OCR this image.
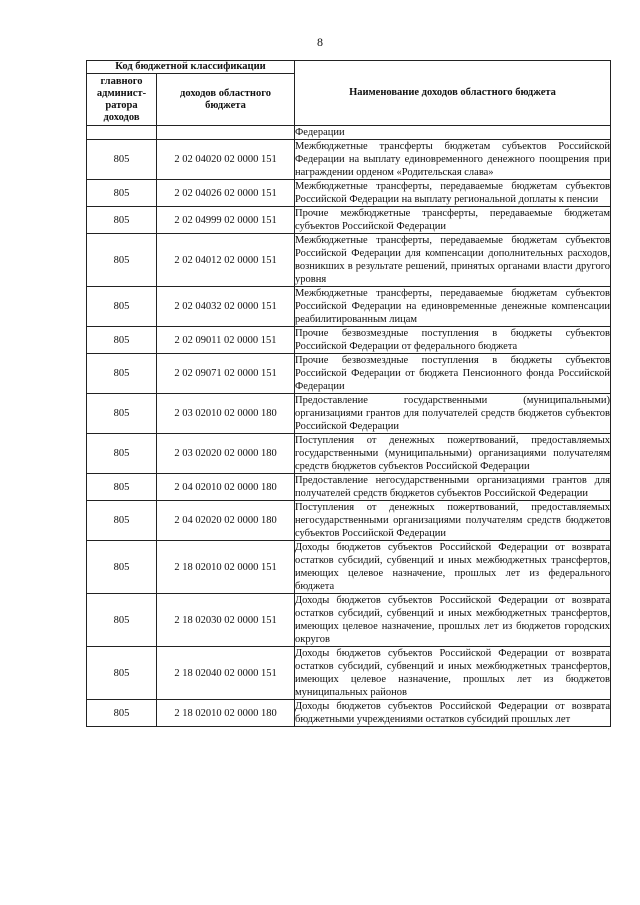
8
Код бюджетной классификации		Наименование доходов областного бюджета
главного админист-ратора доходов	доходов областного бюджета	
		Федерации
805	2 02 04020 02 0000 151	Межбюджетные трансферты бюджетам субъектов Российской Федерации на выплату единовременного денежного поощрения при награждении орденом «Родительская слава»
805	2 02 04026 02 0000 151	Межбюджетные трансферты, передаваемые бюджетам субъектов Российской Федерации на выплату региональной доплаты к пенсии
805	2 02 04999 02 0000 151	Прочие межбюджетные трансферты, передаваемые бюджетам субъектов Российской Федерации
805	2 02 04012 02 0000 151	Межбюджетные трансферты, передаваемые бюджетам субъектов Российской Федерации для компенсации дополнительных расходов, возникших в результате решений, принятых органами власти другого уровня
805	2 02 04032 02 0000 151	Межбюджетные трансферты, передаваемые бюджетам субъектов Российской Федерации на единовременные денежные компенсации реабилитированным лицам
805	2 02 09011 02 0000 151	Прочие безвозмездные поступления в бюджеты субъектов Российской Федерации от федерального бюджета
805	2 02 09071 02 0000 151	Прочие безвозмездные поступления в бюджеты субъектов Российской Федерации от бюджета Пенсионного фонда Российской Федерации
805	2 03 02010 02 0000 180	Предоставление государственными (муниципальными) организациями грантов для получателей средств бюджетов субъектов Российской Федерации
805	2 03 02020 02 0000 180	Поступления от денежных пожертвований, предоставляемых государственными (муниципальными) организациями получателям средств бюджетов субъектов Российской Федерации
805	2 04 02010 02 0000 180	Предоставление негосударственными организациями грантов для получателей средств бюджетов субъектов Российской Федерации
805	2 04 02020 02 0000 180	Поступления от денежных пожертвований, предоставляемых негосударственными организациями получателям средств бюджетов субъектов Российской Федерации
805	2 18 02010 02 0000 151	Доходы бюджетов субъектов Российской Федерации от возврата остатков субсидий, субвенций и иных межбюджетных трансфертов, имеющих целевое назначение, прошлых лет из федерального бюджета
805	2 18 02030 02 0000 151	Доходы бюджетов субъектов Российской Федерации от возврата остатков субсидий, субвенций и иных межбюджетных трансфертов, имеющих целевое назначение, прошлых лет из бюджетов городских округов
805	2 18 02040 02 0000 151	Доходы бюджетов субъектов Российской Федерации от возврата остатков субсидий, субвенций и иных межбюджетных трансфертов, имеющих целевое назначение, прошлых лет из бюджетов муниципальных районов
805	2 18 02010 02 0000 180	Доходы бюджетов субъектов Российской Федерации от возврата бюджетными учреждениями остатков субсидий прошлых лет
